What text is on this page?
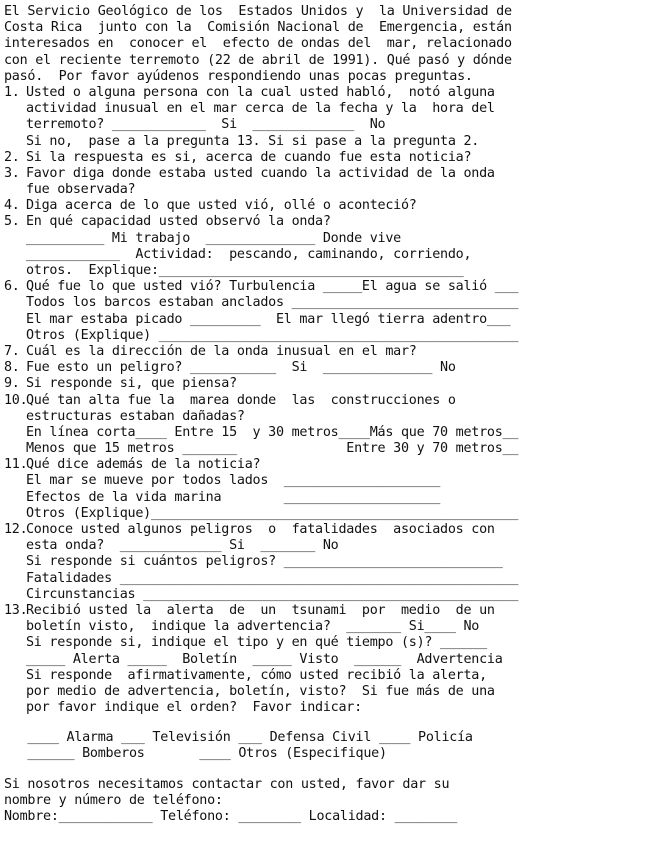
El Servicio Geológico de los  Estados Unidos y  la Universidad de
Costa Rica  junto con la  Comisión Nacional de  Emergencia, están
interesados en  conocer el  efecto de ondas del  mar, relacionado
con el reciente terremoto (22 de abril de 1991). Qué pasó y dónde
pasó.  Por favor ayúdenos respondiendo unas pocas preguntas.
1. Usted o alguna persona con la cual usted habló,  notó alguna
actividad inusual en el mar cerca de la fecha y la  hora del
terremoto? ____________  Si  _____________  No
Si no,  pase a la pregunta 13. Si si pase a la pregunta 2.
2. Si la respuesta es si, acerca de cuando fue esta noticia?
3. Favor diga donde estaba usted cuando la actividad de la onda
fue observada?
4. Diga acerca de lo que usted vió, ollé o aconteció?
5. En qué capacidad usted observó la onda?
__________ Mi trabajo  ______________ Donde vive
____________  Actividad:  pescando, caminando, corriendo,
otros.  Explique:_______________________________________
6. Qué fue lo que usted vió? Turbulencia _____El agua se salió ___
Todos los barcos estaban anclados _____________________________
El mar estaba picado _________  El mar llegó tierra adentro___
Otros (Explique) ______________________________________________
7. Cuál es la dirección de la onda inusual en el mar?
8. Fue esto un peligro? ___________  Si  ______________ No
9. Si responde si, que piensa?
10.Qué tan alta fue la  marea donde  las  construcciones o
estructuras estaban dañadas?
En línea corta____ Entre 15  y 30 metros____Más que 70 metros__
Menos que 15 metros _______              Entre 30 y 70 metros__
11.Qué dice además de la noticia?
El mar se mueve por todos lados  ____________________
Efectos de la vida marina        ____________________
Otros (Explique)_______________________________________________
12.Conoce usted algunos peligros  o  fatalidades  asociados con
esta onda?  _____________ Si  _______ No
Si responde si cuántos peligros? ____________________________
Fatalidades ___________________________________________________
Circunstancias ________________________________________________
13.Recibió usted la  alerta  de  un  tsunami  por  medio  de un
boletín visto,  indique la advertencia?  _______ Si____ No
Si responde si, indique el tipo y en qué tiempo (s)? ______
_____ Alerta _____  Boletín  _____ Visto  ______  Advertencia
Si responde  afirmativamente, cómo usted recibió la alerta,
por medio de advertencia, boletín, visto?  Si fue más de una
por favor indique el orden?  Favor indicar:
____ Alarma ___ Televisión ___ Defensa Civil ____ Policía
______ Bomberos       ____ Otros (Especifique)
Si nosotros necesitamos contactar con usted, favor dar su
nombre y número de teléfono:
Nombre:____________ Teléfono: ________ Localidad: ________
